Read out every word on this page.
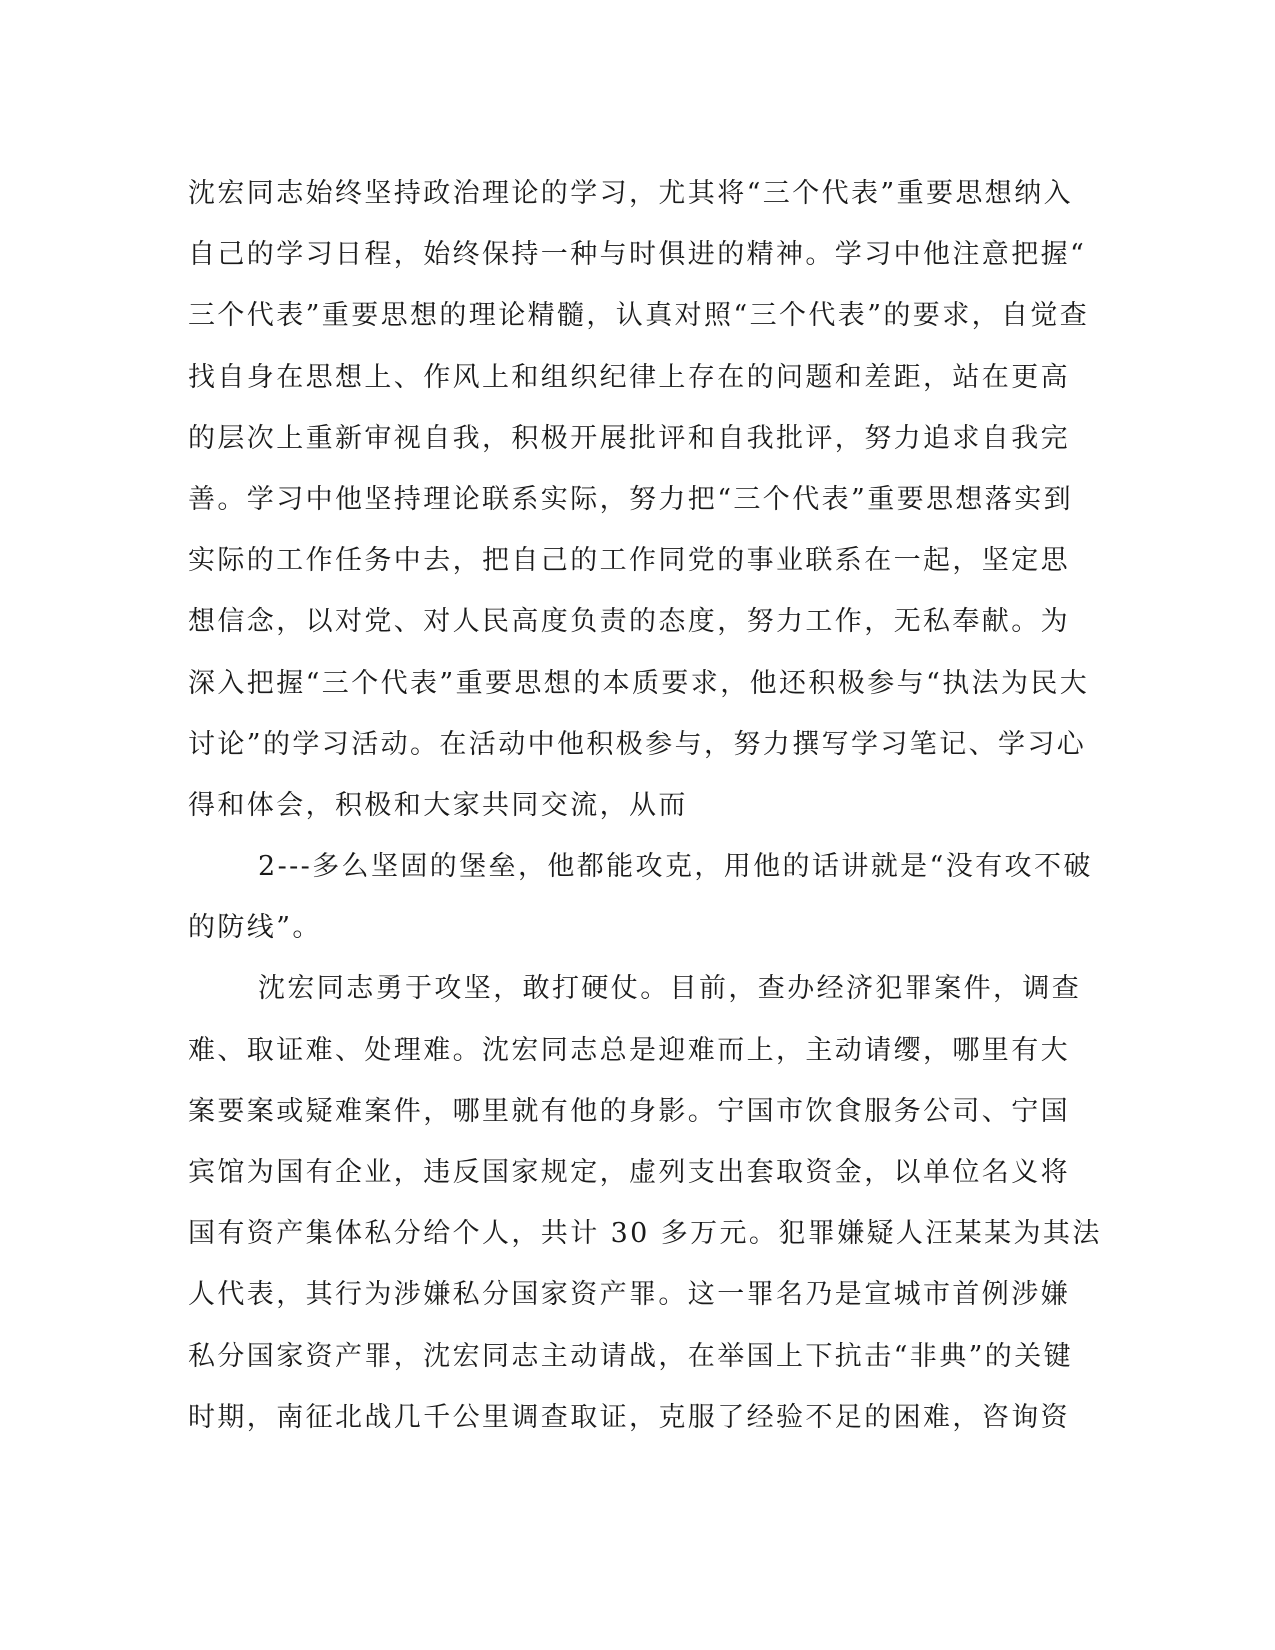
沈宏同志始终坚持政治理论的学习，尤其将“三个代表”重要思想纳入
自己的学习日程，始终保持一种与时俱进的精神。学习中他注意把握“
三个代表”重要思想的理论精髓，认真对照“三个代表”的要求，自觉查
找自身在思想上、作风上和组织纪律上存在的问题和差距，站在更高
的层次上重新审视自我，积极开展批评和自我批评，努力追求自我完
善。学习中他坚持理论联系实际，努力把“三个代表”重要思想落实到
实际的工作任务中去，把自己的工作同党的事业联系在一起，坚定思
想信念，以对党、对人民高度负责的态度，努力工作，无私奉献。为
深入把握“三个代表”重要思想的本质要求，他还积极参与“执法为民大
讨论”的学习活动。在活动中他积极参与，努力撰写学习笔记、学习心
得和体会，积极和大家共同交流，从而
2---多么坚固的堡垒，他都能攻克，用他的话讲就是“没有攻不破
的防线”。
沈宏同志勇于攻坚，敢打硬仗。目前，查办经济犯罪案件，调查
难、取证难、处理难。沈宏同志总是迎难而上，主动请缨，哪里有大
案要案或疑难案件，哪里就有他的身影。宁国市饮食服务公司、宁国
宾馆为国有企业，违反国家规定，虚列支出套取资金，以单位名义将
国有资产集体私分给个人，共计 30 多万元。犯罪嫌疑人汪某某为其法
人代表，其行为涉嫌私分国家资产罪。这一罪名乃是宣城市首例涉嫌
私分国家资产罪，沈宏同志主动请战，在举国上下抗击“非典”的关键
时期，南征北战几千公里调查取证，克服了经验不足的困难，咨询资
